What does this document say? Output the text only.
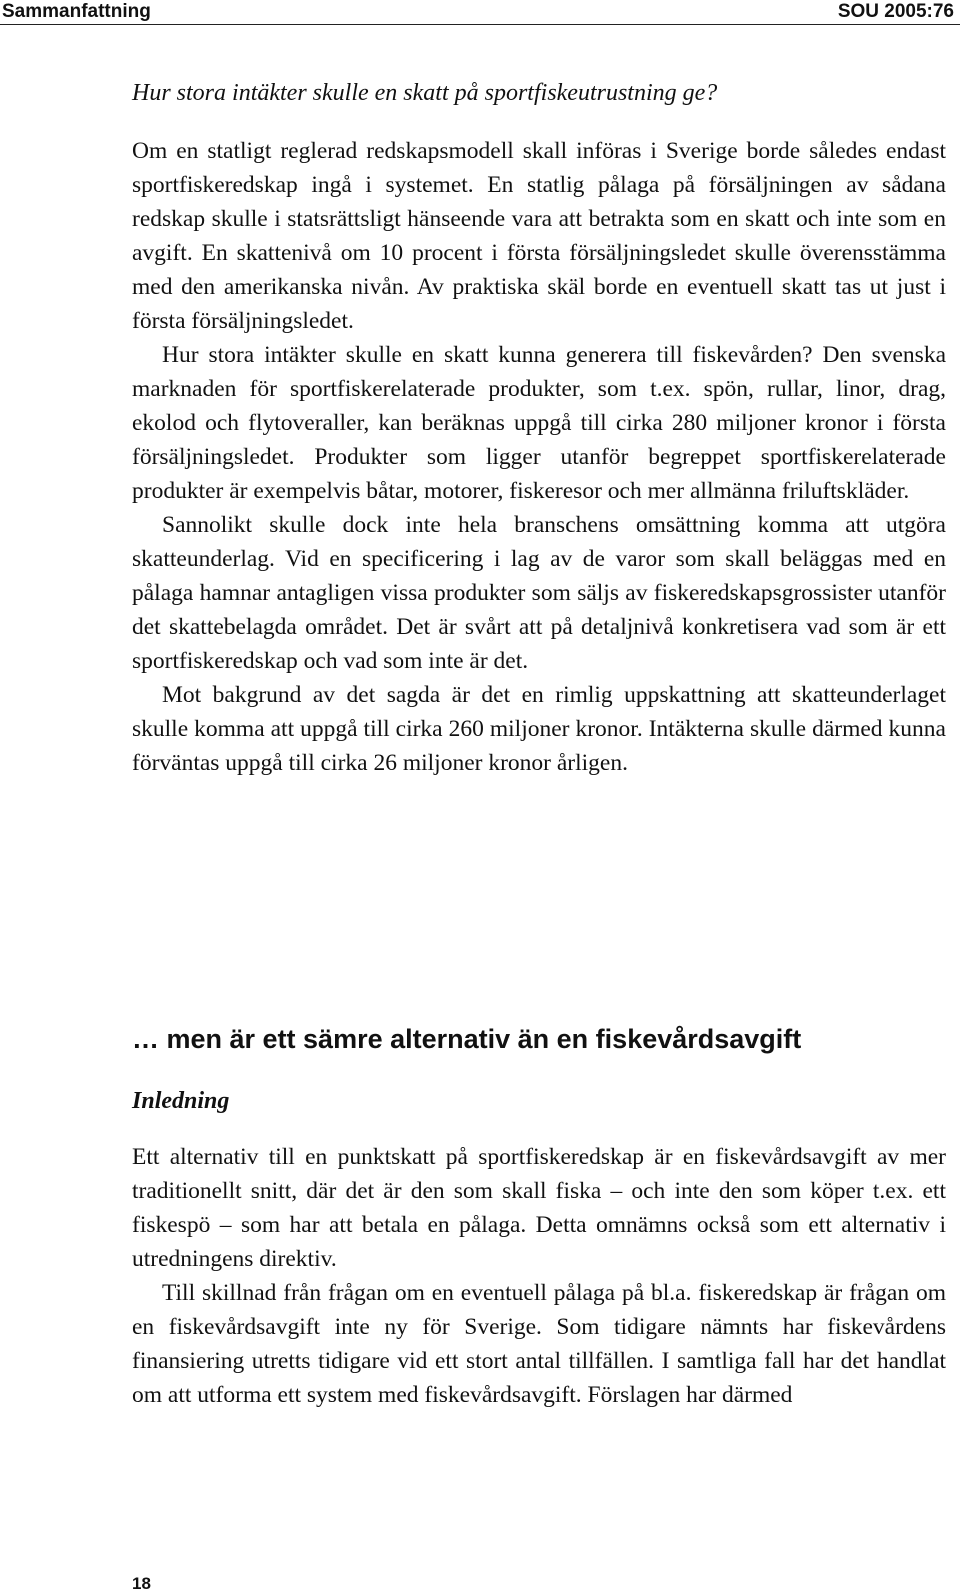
Sammanfattning	SOU 2005:76

Hur stora intäkter skulle en skatt på sportfiskeutrustning ge?

Om en statligt reglerad redskapsmodell skall införas i Sverige borde således endast sportfiskeredskap ingå i systemet. En statlig pålaga på försäljningen av sådana redskap skulle i statsrättsligt hänseende vara att betrakta som en skatt och inte som en avgift. En skattenivå om 10 procent i första försäljningsledet skulle överensstämma med den amerikanska nivån. Av praktiska skäl borde en eventuell skatt tas ut just i första försäljningsledet.

Hur stora intäkter skulle en skatt kunna generera till fiskevården? Den svenska marknaden för sportfiskerelaterade produkter, som t.ex. spön, rullar, linor, drag, ekolod och flytoveraller, kan beräknas uppgå till cirka 280 miljoner kronor i första försäljningsledet. Produkter som ligger utanför begreppet sportfiskerelaterade produkter är exempelvis båtar, motorer, fiskeresor och mer allmänna friluftskläder.

Sannolikt skulle dock inte hela branschens omsättning komma att utgöra skatteunderlag. Vid en specificering i lag av de varor som skall beläggas med en pålaga hamnar antagligen vissa produkter som säljs av fiskeredskapsgrossister utanför det skattebelagda området. Det är svårt att på detaljnivå konkretisera vad som är ett sportfiskeredskap och vad som inte är det.

Mot bakgrund av det sagda är det en rimlig uppskattning att skatteunderlaget skulle komma att uppgå till cirka 260 miljoner kronor. Intäkterna skulle därmed kunna förväntas uppgå till cirka 26 miljoner kronor årligen.

… men är ett sämre alternativ än en fiskevårdsavgift
Inledning

Ett alternativ till en punktskatt på sportfiskeredskap är en fiskevårdsavgift av mer traditionellt snitt, där det är den som skall fiska – och inte den som köper t.ex. ett fiskespö – som har att betala en pålaga. Detta omnämns också som ett alternativ i utredningens direktiv.

Till skillnad från frågan om en eventuell pålaga på bl.a. fiskeredskap är frågan om en fiskevårdsavgift inte ny för Sverige. Som tidigare nämnts har fiskevårdens finansiering utretts tidigare vid ett stort antal tillfällen. I samtliga fall har det handlat om att utforma ett system med fiskevårdsavgift. Förslagen har därmed

18
